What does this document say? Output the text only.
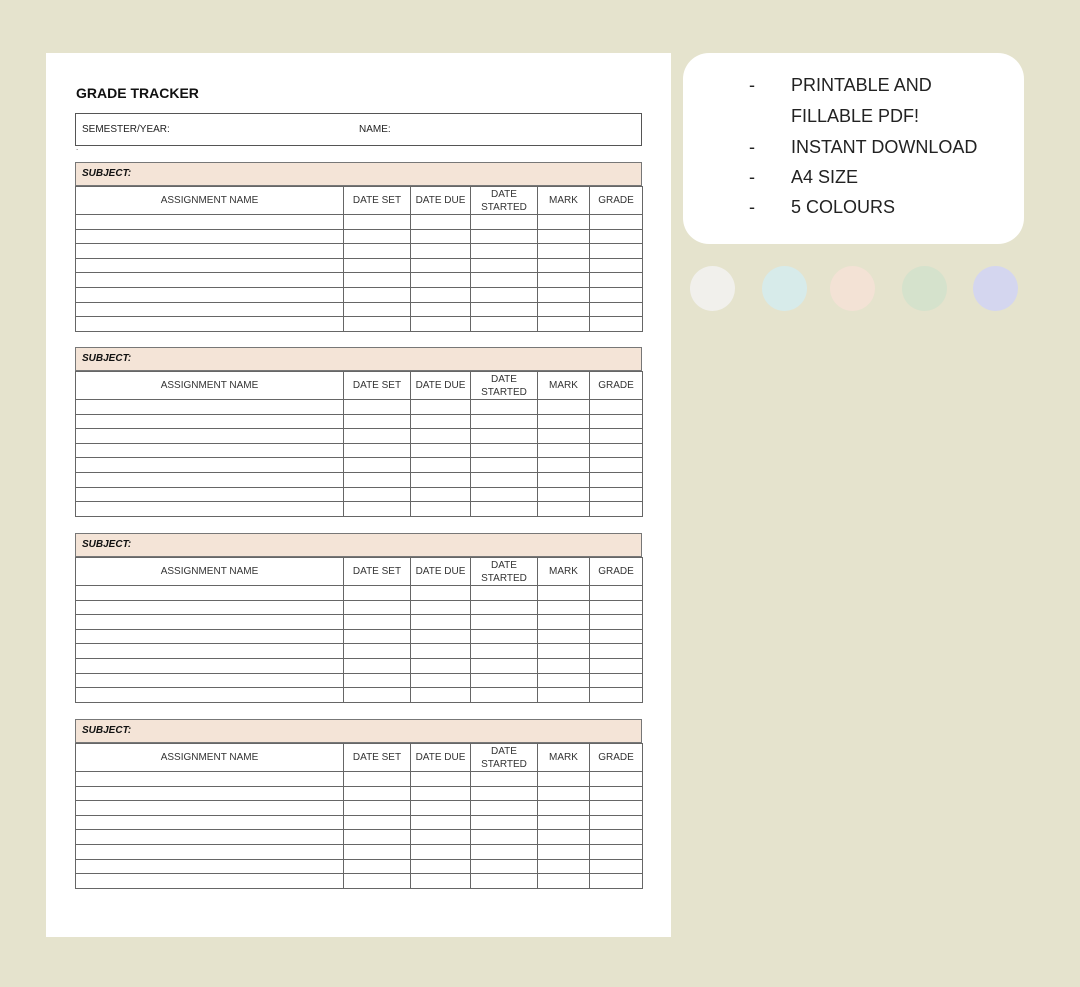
GRADE TRACKER
SEMESTER/YEAR:	NAME:
.
SUBJECT:
ASSIGNMENT NAME	DATE SET	DATE DUE	DATE
STARTED	MARK	GRADE

SUBJECT:
ASSIGNMENT NAME	DATE SET	DATE DUE	DATE
STARTED	MARK	GRADE

SUBJECT:
ASSIGNMENT NAME	DATE SET	DATE DUE	DATE
STARTED	MARK	GRADE

SUBJECT:
ASSIGNMENT NAME	DATE SET	DATE DUE	DATE
STARTED	MARK	GRADE

- PRINTABLE AND
FILLABLE PDF!
- INSTANT DOWNLOAD
- A4 SIZE
- 5 COLOURS
